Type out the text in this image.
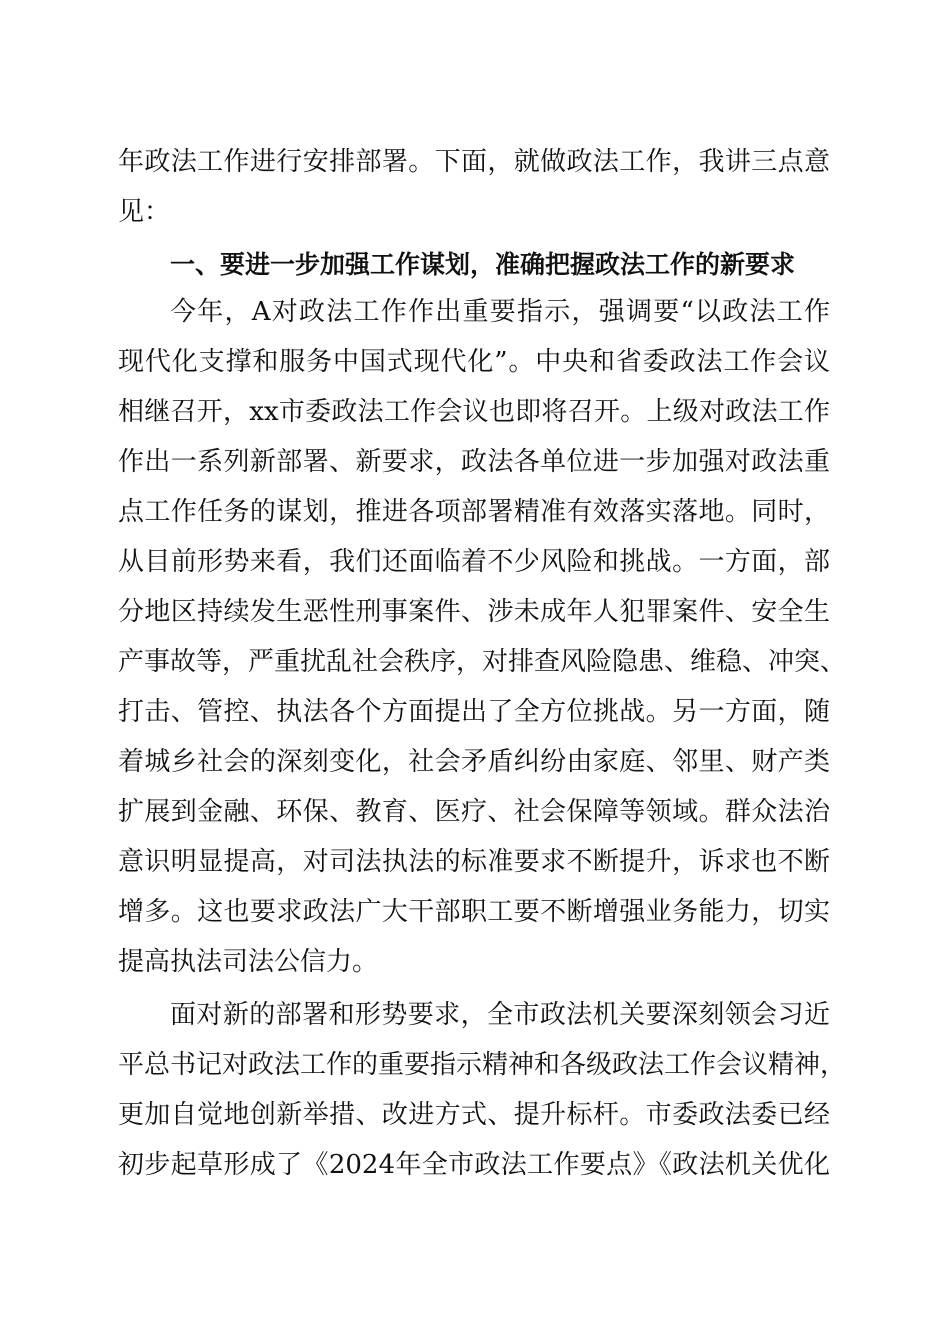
年政法工作进行安排部署。下面，就做政法工作，我讲三点意
见：
一、要进一步加强工作谋划，准确把握政法工作的新要求
今年，A对政法工作作出重要指示，强调要“以政法工作
现代化支撑和服务中国式现代化”。中央和省委政法工作会议
相继召开，xx市委政法工作会议也即将召开。上级对政法工作
作出一系列新部署、新要求，政法各单位进一步加强对政法重
点工作任务的谋划，推进各项部署精准有效落实落地。同时，
从目前形势来看，我们还面临着不少风险和挑战。一方面，部
分地区持续发生恶性刑事案件、涉未成年人犯罪案件、安全生
产事故等，严重扰乱社会秩序，对排查风险隐患、维稳、冲突、
打击、管控、执法各个方面提出了全方位挑战。另一方面，随
着城乡社会的深刻变化，社会矛盾纠纷由家庭、邻里、财产类
扩展到金融、环保、教育、医疗、社会保障等领域。群众法治
意识明显提高，对司法执法的标准要求不断提升，诉求也不断
增多。这也要求政法广大干部职工要不断增强业务能力，切实
提高执法司法公信力。
面对新的部署和形势要求，全市政法机关要深刻领会习近
平总书记对政法工作的重要指示精神和各级政法工作会议精神，
更加自觉地创新举措、改进方式、提升标杆。市委政法委已经
初步起草形成了《2024年全市政法工作要点》《政法机关优化
